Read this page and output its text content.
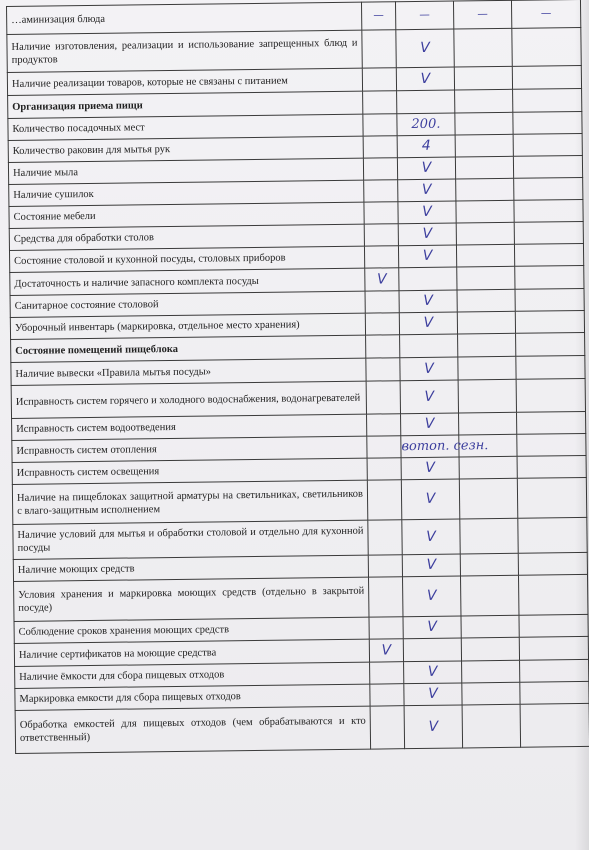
…аминизация блюда	—	—	—	—
Наличие изготовления, реализации и использование запрещенных блюд и продуктов		V		
Наличие реализации товаров, которые не связаны с питанием		V		
Организация приема пищи				
Количество посадочных мест		200.		
Количество раковин для мытья рук		4		
Наличие мыла		V		
Наличие сушилок		V		
Состояние мебели		V		
Средства для обработки столов		V		
Состояние столовой и кухонной посуды, столовых приборов		V		
Достаточность и наличие запасного комплекта посуды	V			
Санитарное состояние столовой		V		
Уборочный инвентарь (маркировка, отдельное место хранения)		V		
Состояние помещений пищеблока				
Наличие вывески «Правила мытья посуды»		V		
Исправность систем горячего и холодного водоснабжения, водонагревателей		V		
Исправность систем водоотведения		V		
Исправность систем отопления		вотоп. сезн.		
Исправность систем освещения		V		
Наличие на пищеблоках защитной арматуры на светильниках, светильников с влаго-защитным исполнением		V		
Наличие условий для мытья и обработки столовой и отдельно для кухонной посуды		V		
Наличие моющих средств		V		
Условия хранения и маркировка моющих средств (отдельно в закрытой посуде)		V		
Соблюдение сроков хранения моющих средств		V		
Наличие сертификатов на моющие средства	V			
Наличие ёмкости для сбора пищевых отходов		V		
Маркировка емкости для сбора пищевых отходов		V		
Обработка емкостей для пищевых отходов (чем обрабатываются и кто ответственный)		V		
